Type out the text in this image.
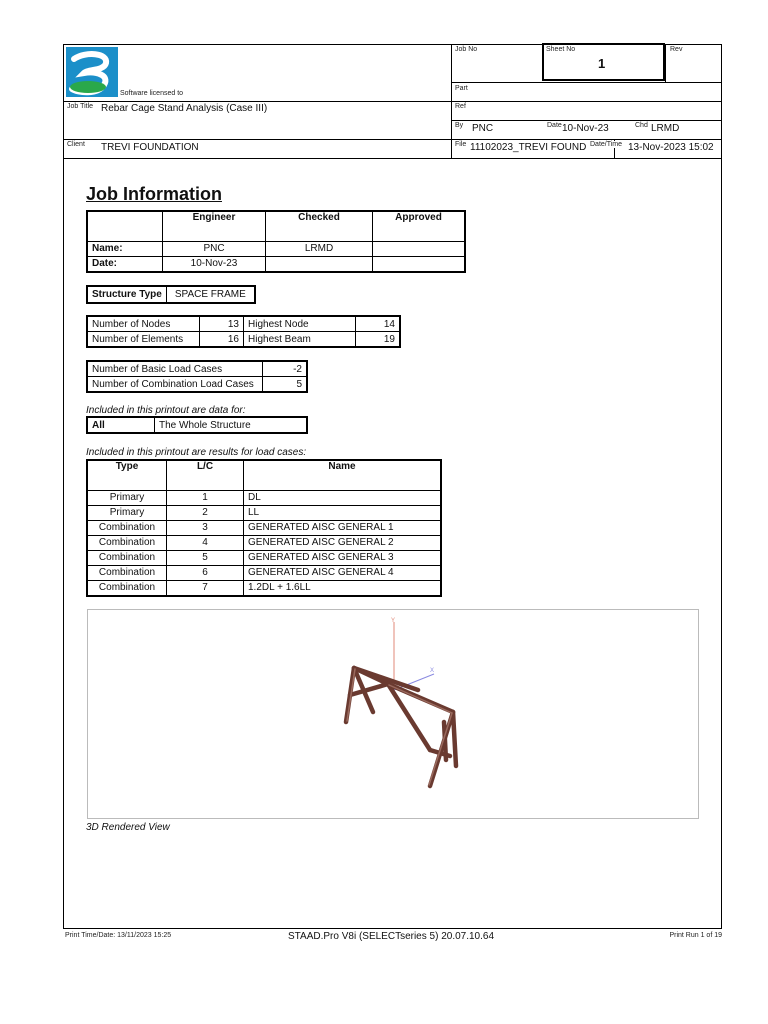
Software licensed to
Job No	Sheet No
1
Rev
Part
Job Title Rebar Cage Stand Analysis (Case III)	Ref
By PNC	Date 10-Nov-23	Chd LRMD
Client TREVI FOUNDATION	File 11102023_TREVI FOUND Date/Time 13-Nov-2023 15:02
Job Information
	Engineer	Checked	Approved
Name:	PNC	LRMD	
Date:	10-Nov-23		
Structure Type	SPACE FRAME
Number of Nodes	13	Highest Node	14
Number of Elements	16	Highest Beam	19
Number of Basic Load Cases	-2
Number of Combination Load Cases	5
Included in this printout are data for:
All	The Whole Structure
Included in this printout are results for load cases:
Type	L/C	Name
Primary	1	DL
Primary	2	LL
Combination	3	GENERATED AISC GENERAL 1
Combination	4	GENERATED AISC GENERAL 2
Combination	5	GENERATED AISC GENERAL 3
Combination	6	GENERATED AISC GENERAL 4
Combination	7	1.2DL + 1.6LL
Y
X
3D Rendered View
Print Time/Date: 13/11/2023 15:25	STAAD.Pro V8i (SELECTseries 5) 20.07.10.64	Print Run 1 of 19
